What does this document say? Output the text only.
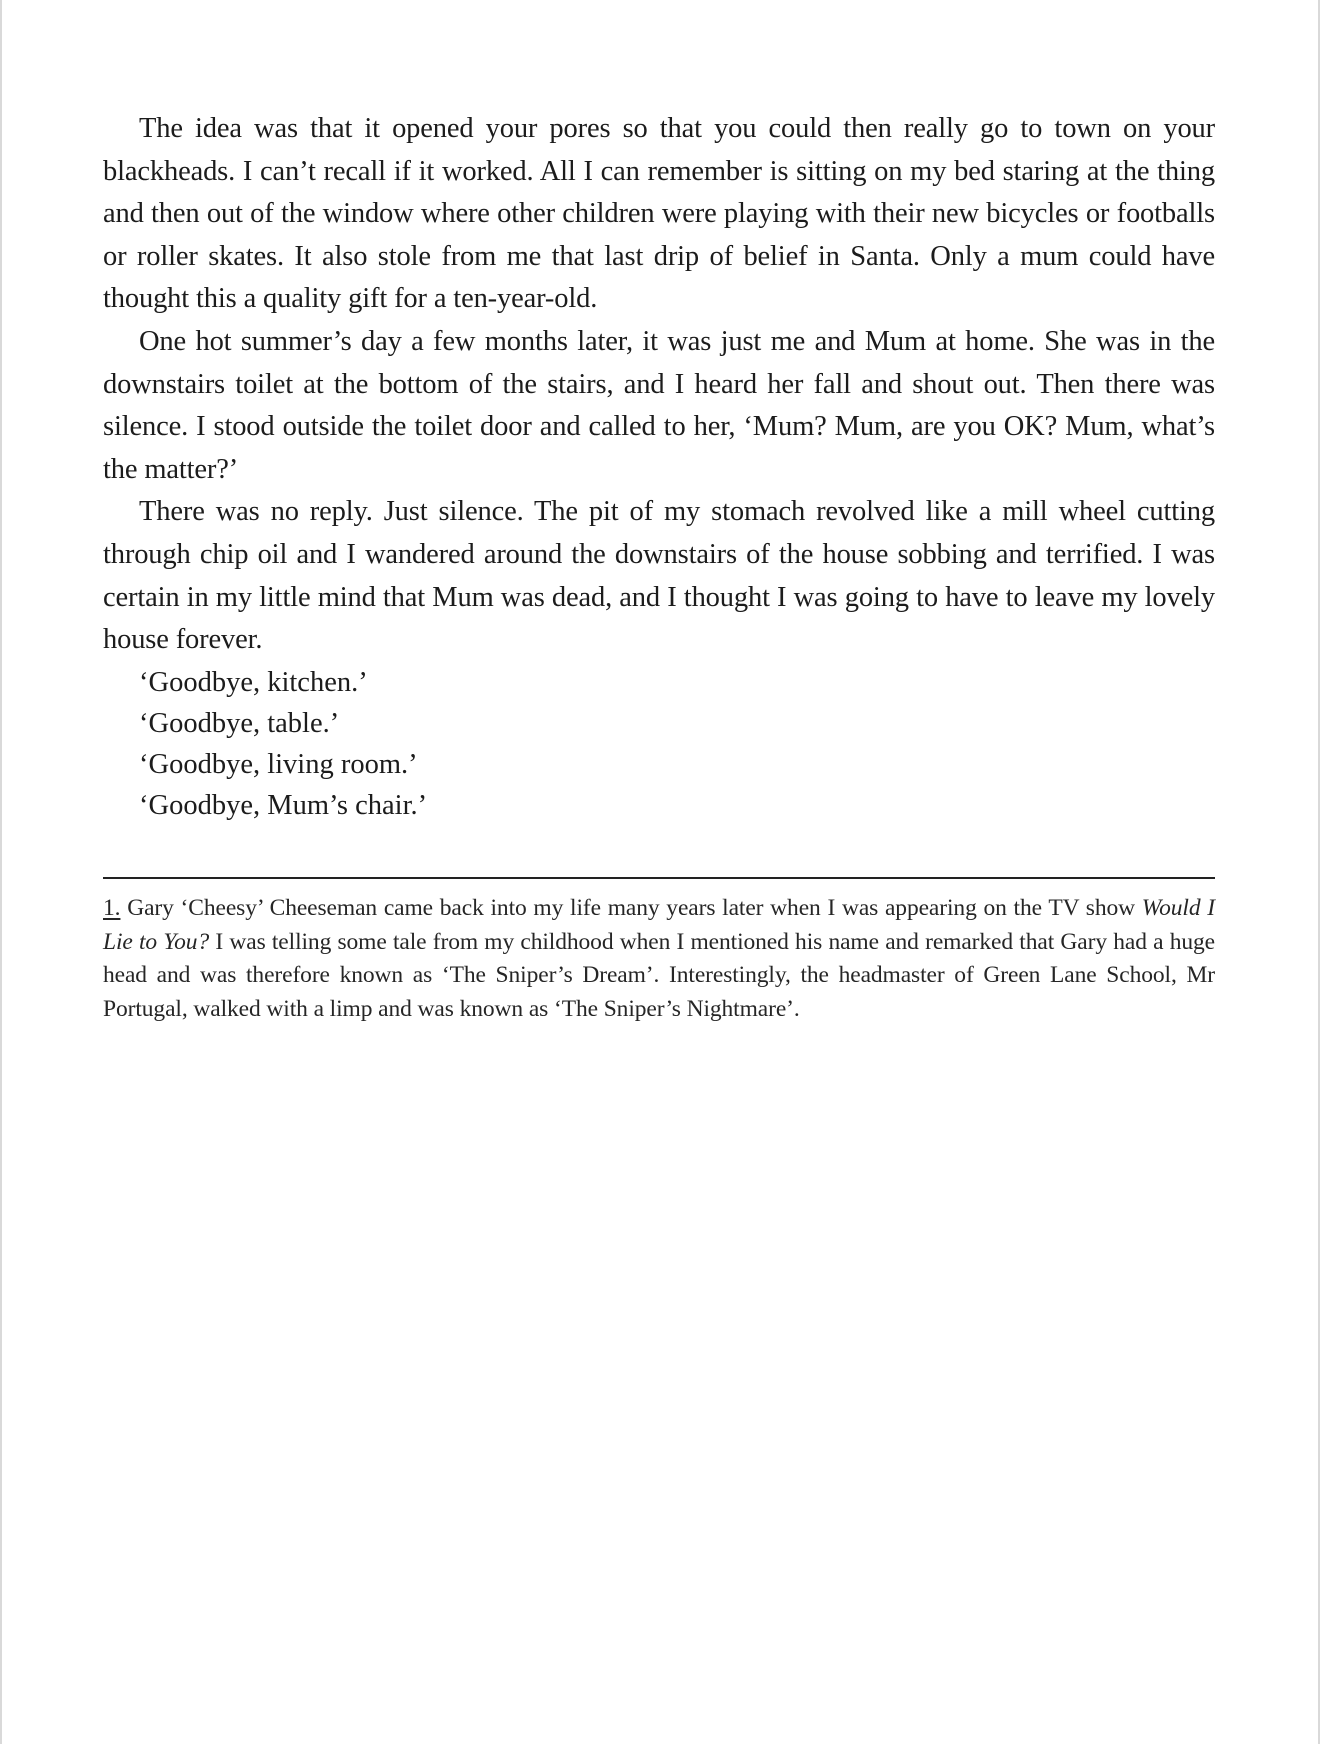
The idea was that it opened your pores so that you could then really go to town on your blackheads. I can’t recall if it worked. All I can remember is sitting on my bed staring at the thing and then out of the window where other children were playing with their new bicycles or footballs or roller skates. It also stole from me that last drip of belief in Santa. Only a mum could have thought this a quality gift for a ten-year-old.

One hot summer’s day a few months later, it was just me and Mum at home. She was in the downstairs toilet at the bottom of the stairs, and I heard her fall and shout out. Then there was silence. I stood outside the toilet door and called to her, ‘Mum? Mum, are you OK? Mum, what’s the matter?’

There was no reply. Just silence. The pit of my stomach revolved like a mill wheel cutting through chip oil and I wandered around the downstairs of the house sobbing and terrified. I was certain in my little mind that Mum was dead, and I thought I was going to have to leave my lovely house forever.

‘Goodbye, kitchen.’

‘Goodbye, table.’

‘Goodbye, living room.’

‘Goodbye, Mum’s chair.’

1. Gary ‘Cheesy’ Cheeseman came back into my life many years later when I was appearing on the TV show Would I Lie to You? I was telling some tale from my childhood when I mentioned his name and remarked that Gary had a huge head and was therefore known as ‘The Sniper’s Dream’. Interestingly, the headmaster of Green Lane School, Mr Portugal, walked with a limp and was known as ‘The Sniper’s Nightmare’.
